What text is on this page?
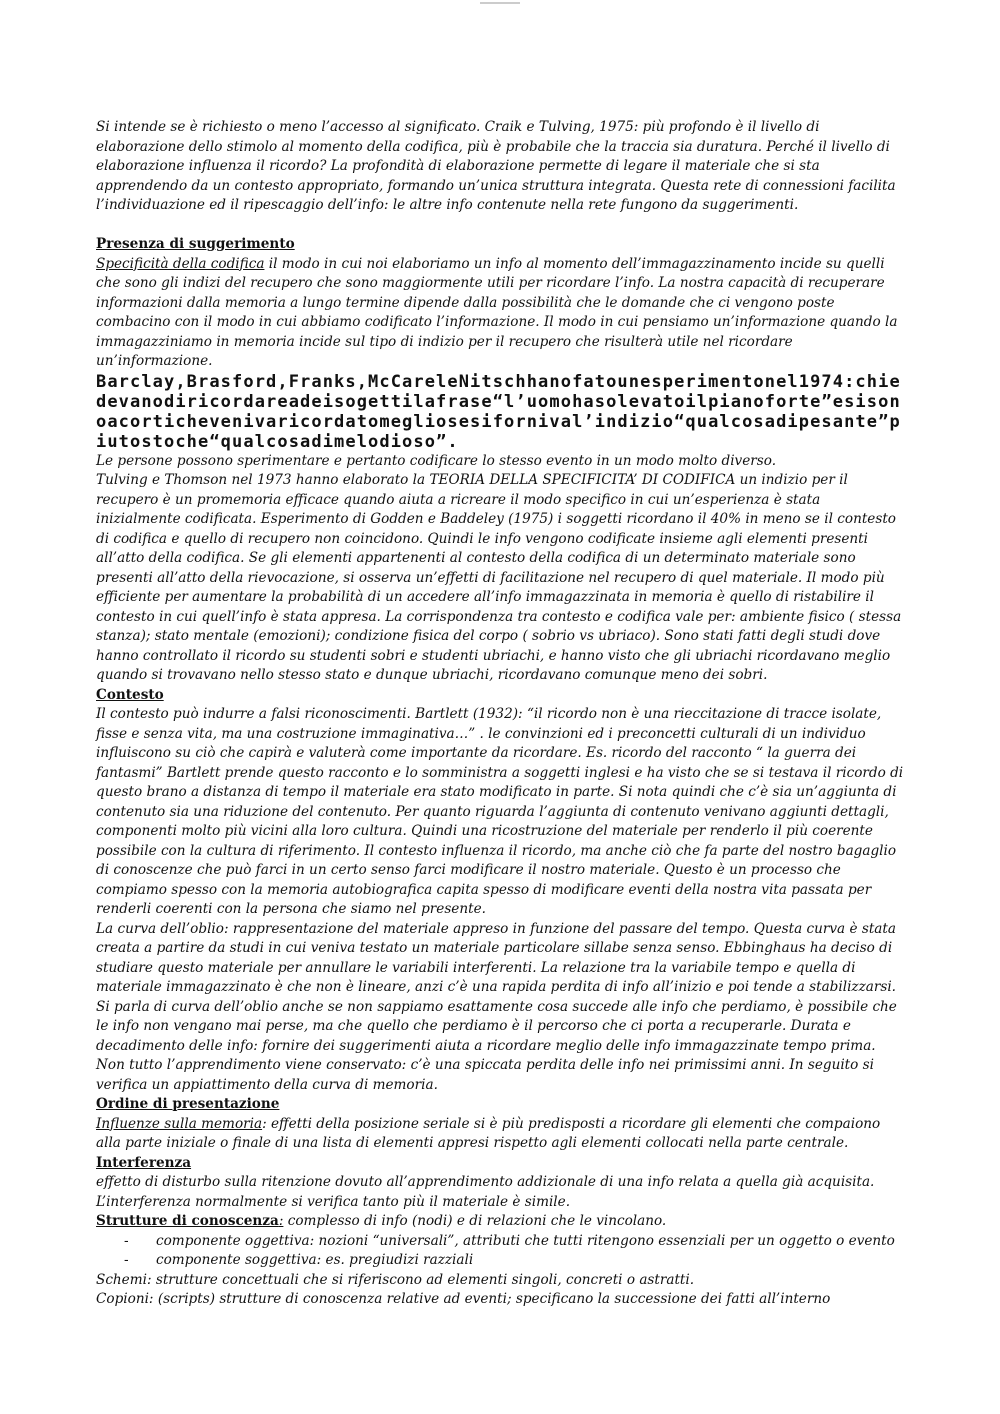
Si intende se è richiesto o meno l’accesso al significato. Craik e Tulving, 1975: più profondo è il livello di elaborazione dello stimolo al momento della codifica, più è probabile che la traccia sia duratura. Perché il livello di elaborazione influenza il ricordo? La profondità di elaborazione permette di legare il materiale che si sta apprendendo da un contesto appropriato, formando un’unica struttura integrata. Questa rete di connessioni facilita l’individuazione ed il ripescaggio dell’info: le altre info contenute nella rete fungono da suggerimenti.

Presenza di suggerimento

Specificità della codifica il modo in cui noi elaboriamo un info al momento dell’immagazzinamento incide su quelli che sono gli indizi del recupero che sono maggiormente utili per ricordare l’info. La nostra capacità di recuperare informazioni dalla memoria a lungo termine dipende dalla possibilità che le domande che ci vengono poste combacino con il modo in cui abbiamo codificato l’informazione. Il modo in cui pensiamo un’informazione quando la immagazziniamo in memoria incide sul tipo di indizio per il recupero che risulterà utile nel ricordare un’informazione.

Barclay,Brasford,Franks,McCareleNitschhanofatounesperimentonel1974:chiedevanodiricordareadeisogettilafrase“l’uomohasolevatoilpianoforte”esisonoacortichevenivaricordatomegliosesifornival’indizio“qualcosadipesante”piutostoche“qualcosadimelodioso”.

Le persone possono sperimentare e pertanto codificare lo stesso evento in un modo molto diverso.

Tulving e Thomson nel 1973 hanno elaborato la TEORIA DELLA SPECIFICITA’ DI CODIFICA un indizio per il recupero è un promemoria efficace quando aiuta a ricreare il modo specifico in cui un’esperienza è stata inizialmente codificata. Esperimento di Godden e Baddeley (1975) i soggetti ricordano il 40% in meno se il contesto di codifica e quello di recupero non coincidono. Quindi le info vengono codificate insieme agli elementi presenti all’atto della codifica. Se gli elementi appartenenti al contesto della codifica di un determinato materiale sono presenti all’atto della rievocazione, si osserva un’effetti di facilitazione nel recupero di quel materiale. Il modo più efficiente per aumentare la probabilità di un accedere all’info immagazzinata in memoria è quello di ristabilire il contesto in cui quell’info è stata appresa. La corrispondenza tra contesto e codifica vale per: ambiente fisico ( stessa stanza); stato mentale (emozioni); condizione fisica del corpo ( sobrio vs ubriaco). Sono stati fatti degli studi dove hanno controllato il ricordo su studenti sobri e studenti ubriachi, e hanno visto che gli ubriachi ricordavano meglio quando si trovavano nello stesso stato e dunque ubriachi, ricordavano comunque meno dei sobri.

Contesto

Il contesto può indurre a falsi riconoscimenti. Bartlett (1932): “il ricordo non è una rieccitazione di tracce isolate, fisse e senza vita, ma una costruzione immaginativa…” . le convinzioni ed i preconcetti culturali di un individuo influiscono su ciò che capirà e valuterà come importante da ricordare. Es. ricordo del racconto “ la guerra dei fantasmi” Bartlett prende questo racconto e lo somministra a soggetti inglesi e ha visto che se si testava il ricordo di questo brano a distanza di tempo il materiale era stato modificato in parte. Si nota quindi che c’è sia un’aggiunta di contenuto sia una riduzione del contenuto. Per quanto riguarda l’aggiunta di contenuto venivano aggiunti dettagli, componenti molto più vicini alla loro cultura. Quindi una ricostruzione del materiale per renderlo il più coerente possibile con la cultura di riferimento. Il contesto influenza il ricordo, ma anche ciò che fa parte del nostro bagaglio di conoscenze che può farci in un certo senso farci modificare il nostro materiale. Questo è un processo che compiamo spesso con la memoria autobiografica capita spesso di modificare eventi della nostra vita passata per renderli coerenti con la persona che siamo nel presente.

La curva dell’oblio: rappresentazione del materiale appreso in funzione del passare del tempo. Questa curva è stata creata a partire da studi in cui veniva testato un materiale particolare sillabe senza senso. Ebbinghaus ha deciso di studiare questo materiale per annullare le variabili interferenti. La relazione tra la variabile tempo e quella di materiale immagazzinato è che non è lineare, anzi c’è una rapida perdita di info all’inizio e poi tende a stabilizzarsi. Si parla di curva dell’oblio anche se non sappiamo esattamente cosa succede alle info che perdiamo, è possibile che le info non vengano mai perse, ma che quello che perdiamo è il percorso che ci porta a recuperarle. Durata e decadimento delle info: fornire dei suggerimenti aiuta a ricordare meglio delle info immagazzinate tempo prima. Non tutto l’apprendimento viene conservato: c’è una spiccata perdita delle info nei primissimi anni. In seguito si verifica un appiattimento della curva di memoria.

Ordine di presentazione

Influenze sulla memoria: effetti della posizione seriale si è più predisposti a ricordare gli elementi che compaiono alla parte iniziale o finale di una lista di elementi appresi rispetto agli elementi collocati nella parte centrale.

Interferenza

effetto di disturbo sulla ritenzione dovuto all’apprendimento addizionale di una info relata a quella già acquisita. L’interferenza normalmente si verifica tanto più il materiale è simile.

Strutture di conoscenza: complesso di info (nodi) e di relazioni che le vincolano.

- componente oggettiva: nozioni “universali”, attributi che tutti ritengono essenziali per un oggetto o evento
- componente soggettiva: es. pregiudizi razziali

Schemi: strutture concettuali che si riferiscono ad elementi singoli, concreti o astratti.

Copioni: (scripts) strutture di conoscenza relative ad eventi; specificano la successione dei fatti all’interno
